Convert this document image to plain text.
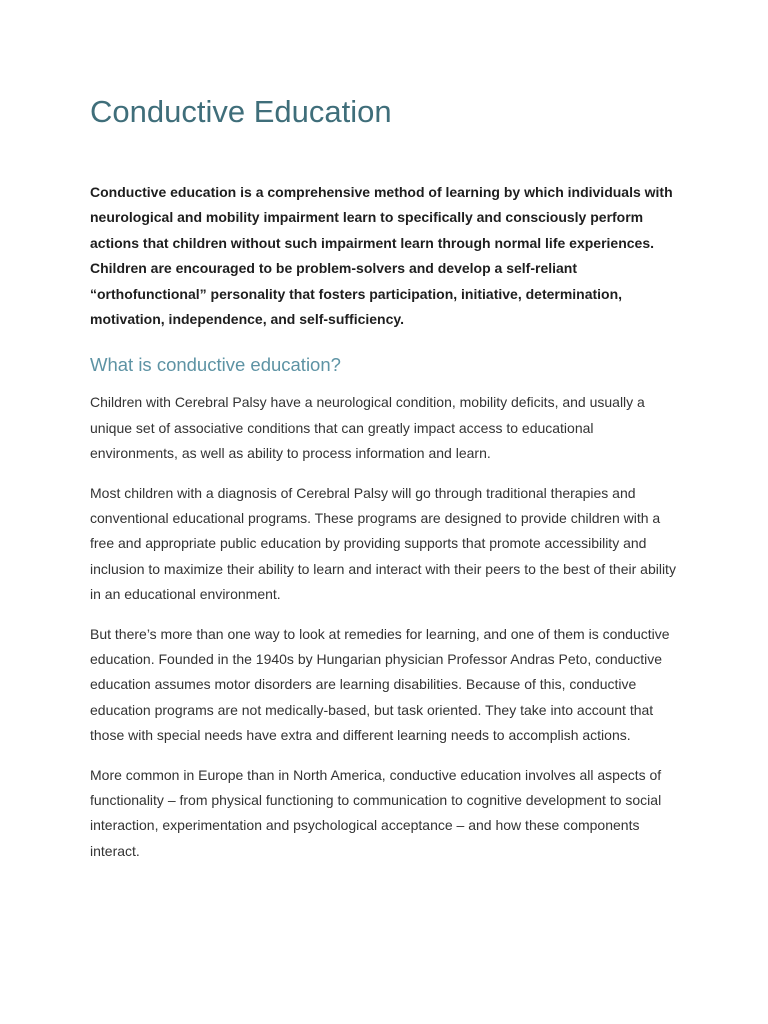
Conductive Education

Conductive education is a comprehensive method of learning by which individuals with neurological and mobility impairment learn to specifically and consciously perform actions that children without such impairment learn through normal life experiences. Children are encouraged to be problem-solvers and develop a self-reliant “orthofunctional” personality that fosters participation, initiative, determination, motivation, independence, and self-sufficiency.

What is conductive education?

Children with Cerebral Palsy have a neurological condition, mobility deficits, and usually a unique set of associative conditions that can greatly impact access to educational environments, as well as ability to process information and learn.

Most children with a diagnosis of Cerebral Palsy will go through traditional therapies and conventional educational programs. These programs are designed to provide children with a free and appropriate public education by providing supports that promote accessibility and inclusion to maximize their ability to learn and interact with their peers to the best of their ability in an educational environment.

But there’s more than one way to look at remedies for learning, and one of them is conductive education. Founded in the 1940s by Hungarian physician Professor Andras Peto, conductive education assumes motor disorders are learning disabilities. Because of this, conductive education programs are not medically-based, but task oriented. They take into account that those with special needs have extra and different learning needs to accomplish actions.

More common in Europe than in North America, conductive education involves all aspects of functionality – from physical functioning to communication to cognitive development to social interaction, experimentation and psychological acceptance – and how these components interact.
